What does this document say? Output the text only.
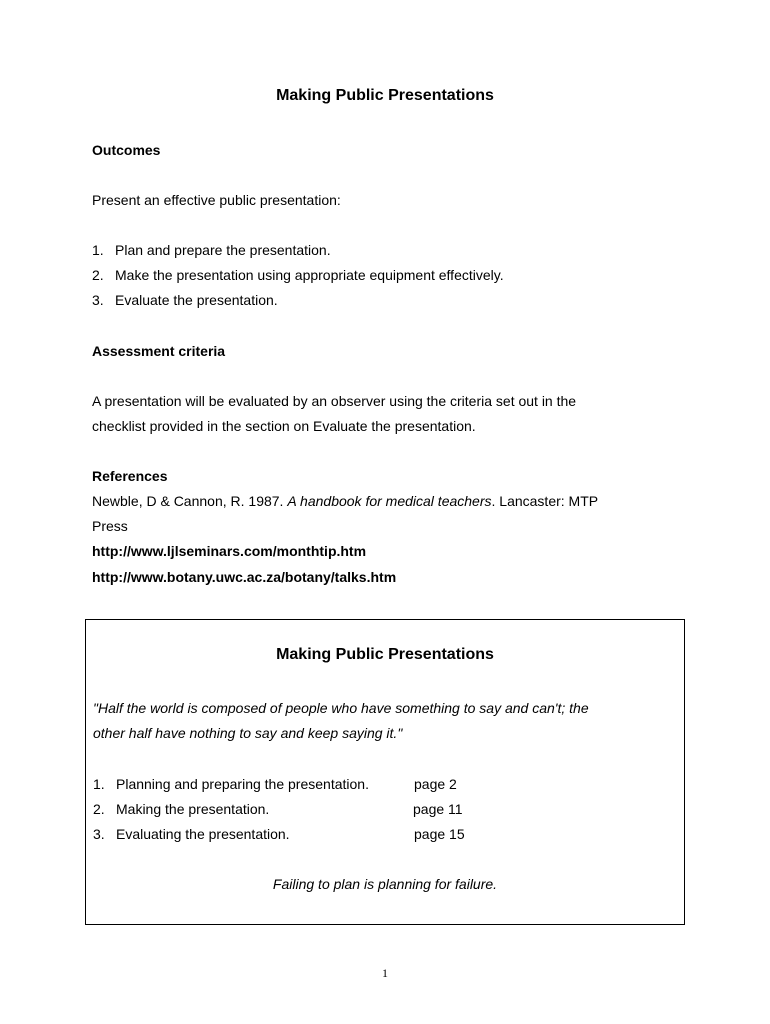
Making Public Presentations
Outcomes
Present an effective public presentation:
1. Plan and prepare the presentation.
2. Make the presentation using appropriate equipment effectively.
3. Evaluate the presentation.
Assessment criteria
A presentation will be evaluated by an observer using the criteria set out in the
checklist provided in the section on Evaluate the presentation.
References
Newble, D & Cannon, R. 1987. A handbook for medical teachers. Lancaster: MTP
Press
http://www.ljlseminars.com/monthtip.htm
http://www.botany.uwc.ac.za/botany/talks.htm
Making Public Presentations
"Half the world is composed of people who have something to say and can't; the
other half have nothing to say and keep saying it."
1. Planning and preparing the presentation.	page 2
2. Making the presentation.	page 11
3. Evaluating the presentation.	page 15
Failing to plan is planning for failure.
1
